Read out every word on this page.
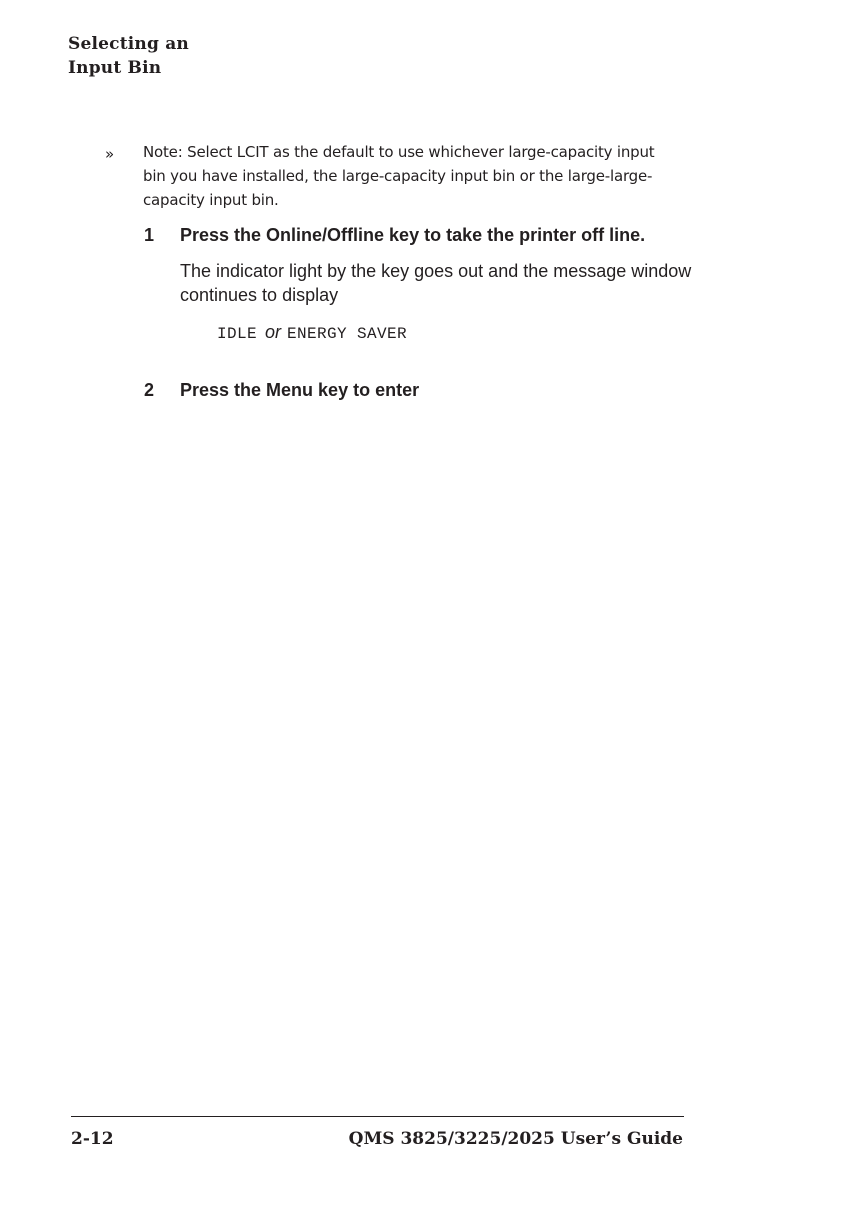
Selecting an
Input Bin
» Note: Select LCIT as the default to use whichever large-capacity input
bin you have installed, the large-capacity input bin or the large-large-
capacity input bin.
1 Press the Online/Offline key to take the printer off line.
The indicator light by the key goes out and the message window
continues to display
IDLE or ENERGY SAVER
2 Press the Menu key to enter
2-12	QMS 3825/3225/2025 User’s Guide
